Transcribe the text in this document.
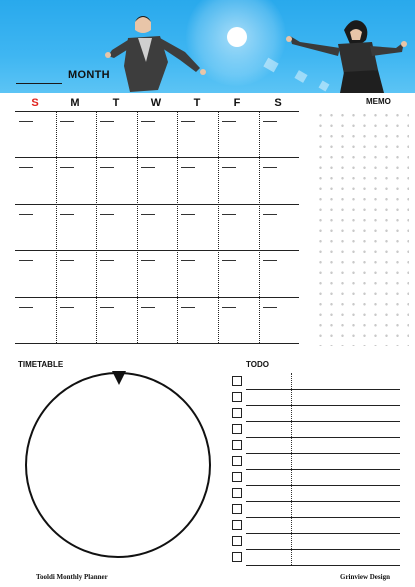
MONTH
S	M	T	W	T	F	S	MEMO
TIMETABLE	TODO
Tooldi Monthly Planner	Grinview Design
